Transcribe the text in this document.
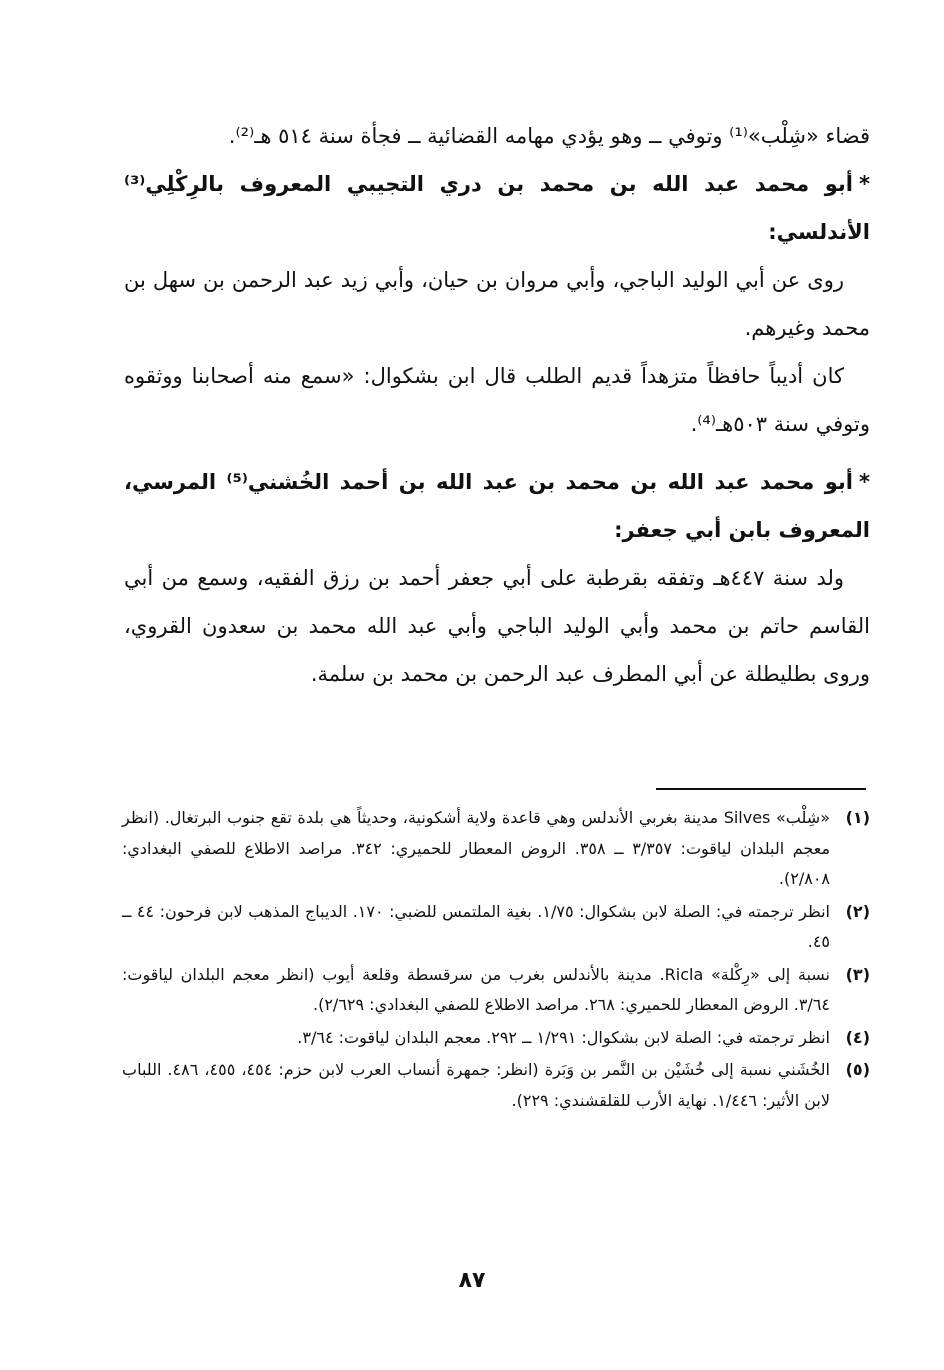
قضاء «شِلْب»⁽¹⁾ وتوفي ــ وهو يؤدي مهامه القضائية ــ فجأة سنة ٥١٤ هـ⁽²⁾.

*أبو محمد عبد الله بن محمد بن دري التجيبي المعروف بالرِكْلِي⁽³⁾ الأندلسي:

روى عن أبي الوليد الباجي، وأبي مروان بن حيان، وأبي زيد عبد الرحمن بن سهل بن محمد وغيرهم.

كان أديباً حافظاً متزهداً قديم الطلب قال ابن بشكوال: «سمع منه أصحابنا ووثقوه وتوفي سنة ٥٠٣هـ⁽⁴⁾.

*أبو محمد عبد الله بن محمد بن عبد الله بن أحمد الخُشني⁽⁵⁾ المرسي، المعروف بابن أبي جعفر:

ولد سنة ٤٤٧هـ وتفقه بقرطبة على أبي جعفر أحمد بن رزق الفقيه، وسمع من أبي القاسم حاتم بن محمد وأبي الوليد الباجي وأبي عبد الله محمد بن سعدون القروي، وروى بطليطلة عن أبي المطرف عبد الرحمن بن محمد بن سلمة.

(١)
«شِلْب» Silves مدينة بغربي الأندلس وهي قاعدة ولاية أشكونية، وحديثاً هي بلدة تقع جنوب البرتغال. (انظر معجم البلدان لياقوت: ٣/٣٥٧ ــ ٣٥٨. الروض المعطار للحميري: ٣٤٢. مراصد الاطلاع للصفي البغدادي: ٢/٨٠٨).
(٢)
انظر ترجمته في: الصلة لابن بشكوال: ١/٧٥. بغية الملتمس للضبي: ١٧٠. الديباج المذهب لابن فرحون: ٤٤ ــ ٤٥.
(٣)
نسبة إلى «رِكْلة» Ricla. مدينة بالأندلس بغرب من سرقسطة وقلعة أيوب (انظر معجم البلدان لياقوت: ٣/٦٤. الروض المعطار للحميري: ٢٦٨. مراصد الاطلاع للصفي البغدادي: ٢/٦٢٩).
(٤)
انظر ترجمته في: الصلة لابن بشكوال: ١/٢٩١ ــ ٢٩٢. معجم البلدان لياقوت: ٣/٦٤.
(٥)
الخُشَني نسبة إلى خُشَيْن بن النَّمر بن وَبَرة (انظر: جمهرة أنساب العرب لابن حزم: ٤٥٤، ٤٥٥، ٤٨٦. اللباب لابن الأثير: ١/٤٤٦. نهاية الأرب للقلقشندي: ٢٢٩).
٨٧
